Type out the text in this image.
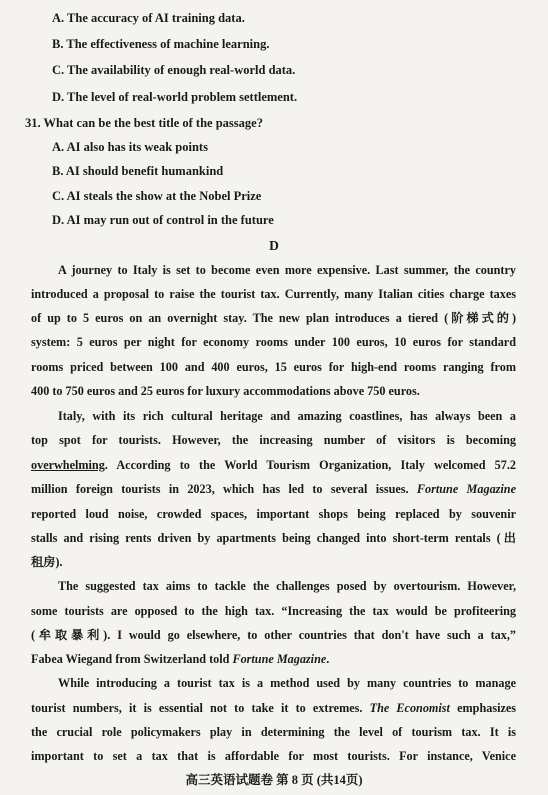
A. The accuracy of AI training data.
B. The effectiveness of machine learning.
C. The availability of enough real-world data.
D. The level of real-world problem settlement.
31. What can be the best title of the passage?
A. AI also has its weak points
B. AI should benefit humankind
C. AI steals the show at the Nobel Prize
D. AI may run out of control in the future
D
A journey to Italy is set to become even more expensive. Last summer, the country
introduced a proposal to raise the tourist tax. Currently, many Italian cities charge taxes
of up to 5 euros on an overnight stay. The new plan introduces a tiered (阶梯式的)
system: 5 euros per night for economy rooms under 100 euros, 10 euros for standard
rooms priced between 100 and 400 euros, 15 euros for high-end rooms ranging from
400 to 750 euros and 25 euros for luxury accommodations above 750 euros.
Italy, with its rich cultural heritage and amazing coastlines, has always been a
top spot for tourists. However, the increasing number of visitors is becoming
overwhelming. According to the World Tourism Organization, Italy welcomed 57.2
million foreign tourists in 2023, which has led to several issues. Fortune Magazine
reported loud noise, crowded spaces, important shops being replaced by souvenir
stalls and rising rents driven by apartments being changed into short-term rentals (出
租房).
The suggested tax aims to tackle the challenges posed by overtourism. However,
some tourists are opposed to the high tax. “Increasing the tax would be profiteering
(牟取暴利). I would go elsewhere, to other countries that don't have such a tax,”
Fabea Wiegand from Switzerland told Fortune Magazine.
While introducing a tourist tax is a method used by many countries to manage
tourist numbers, it is essential not to take it to extremes. The Economist emphasizes
the crucial role policymakers play in determining the level of tourism tax. It is
important to set a tax that is affordable for most tourists. For instance, Venice
高三英语试题卷 第 8 页 (共14页)
